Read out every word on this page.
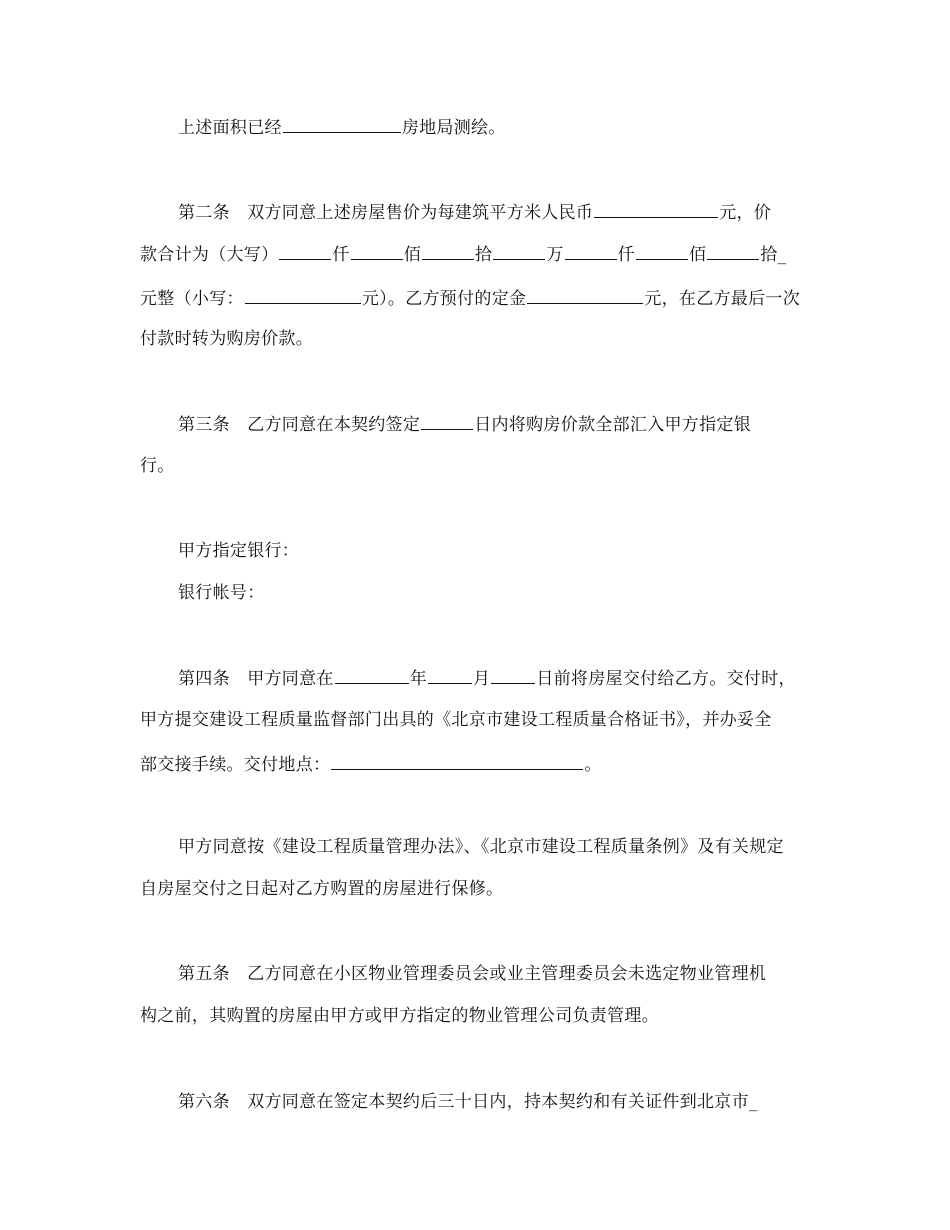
上述面积已经	房地局测绘。
第二条　双方同意上述房屋售价为每建筑平方米人民币	元，价
款合计为（大写）	仟	佰	拾	万	仟	佰	拾_
元整（小写：	元）。乙方预付的定金	元，在乙方最后一次
付款时转为购房价款。
第三条　乙方同意在本契约签定	日内将购房价款全部汇入甲方指定银
行。
甲方指定银行：
银行帐号：
第四条　甲方同意在	年	月	日前将房屋交付给乙方。交付时，
甲方提交建设工程质量监督部门出具的《北京市建设工程质量合格证书》，并办妥全
部交接手续。交付地点：	。
甲方同意按《建设工程质量管理办法》、《北京市建设工程质量条例》及有关规定
自房屋交付之日起对乙方购置的房屋进行保修。
第五条　乙方同意在小区物业管理委员会或业主管理委员会未选定物业管理机
构之前，其购置的房屋由甲方或甲方指定的物业管理公司负责管理。
第六条　双方同意在签定本契约后三十日内，持本契约和有关证件到北京市_
